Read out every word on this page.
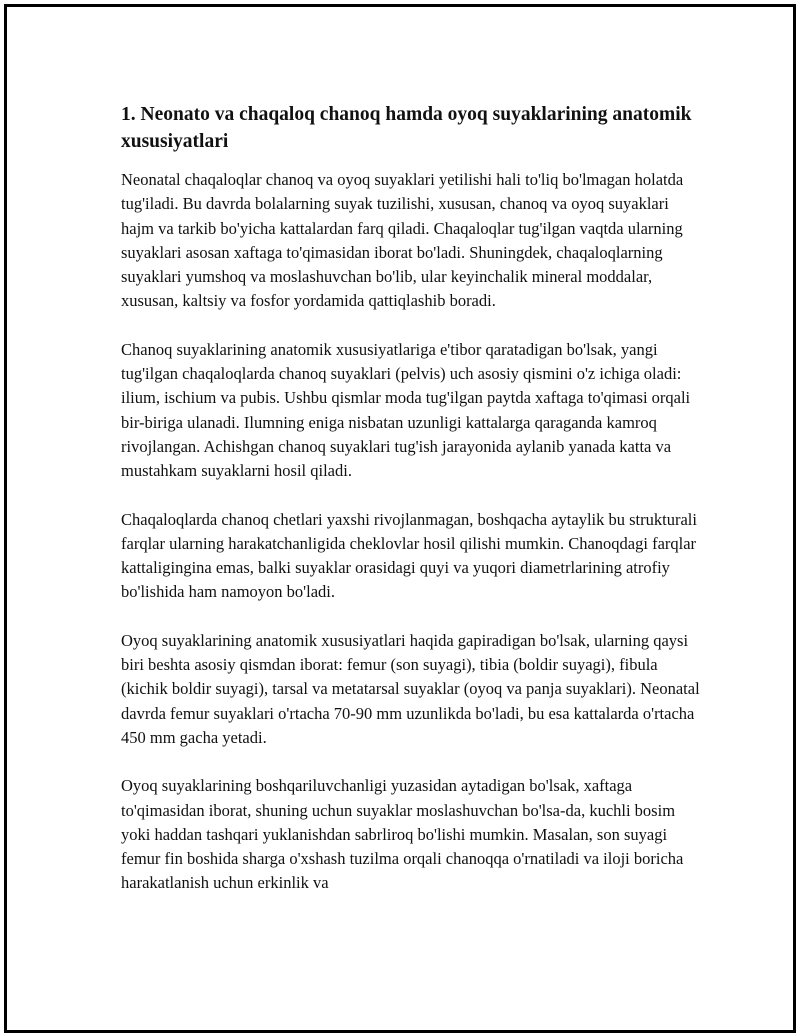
1. Neonato va chaqaloq chanoq hamda oyoq suyaklarining anatomik xususiyatlari

Neonatal chaqaloqlar chanoq va oyoq suyaklari yetilishi hali to'liq bo'lmagan holatda tug'iladi. Bu davrda bolalarning suyak tuzilishi, xususan, chanoq va oyoq suyaklari hajm va tarkib bo'yicha kattalardan farq qiladi. Chaqaloqlar tug'ilgan vaqtda ularning suyaklari asosan xaftaga to'qimasidan iborat bo'ladi. Shuningdek, chaqaloqlarning suyaklari yumshoq va moslashuvchan bo'lib, ular keyinchalik mineral moddalar, xususan, kaltsiy va fosfor yordamida qattiqlashib boradi.

Chanoq suyaklarining anatomik xususiyatlariga e'tibor qaratadigan bo'lsak, yangi tug'ilgan chaqaloqlarda chanoq suyaklari (pelvis) uch asosiy qismini o'z ichiga oladi: ilium, ischium va pubis. Ushbu qismlar moda tug'ilgan paytda xaftaga to'qimasi orqali bir-biriga ulanadi. Ilumning eniga nisbatan uzunligi kattalarga qaraganda kamroq rivojlangan. Achishgan chanoq suyaklari tug'ish jarayonida aylanib yanada katta va mustahkam suyaklarni hosil qiladi.

Chaqaloqlarda chanoq chetlari yaxshi rivojlanmagan, boshqacha aytaylik bu strukturali farqlar ularning harakatchanligida cheklovlar hosil qilishi mumkin. Chanoqdagi farqlar kattaligingina emas, balki suyaklar orasidagi quyi va yuqori diametrlarining atrofiy bo'lishida ham namoyon bo'ladi.

Oyoq suyaklarining anatomik xususiyatlari haqida gapiradigan bo'lsak, ularning qaysi biri beshta asosiy qismdan iborat: femur (son suyagi), tibia (boldir suyagi), fibula (kichik boldir suyagi), tarsal va metatarsal suyaklar (oyoq va panja suyaklari). Neonatal davrda femur suyaklari o'rtacha 70-90 mm uzunlikda bo'ladi, bu esa kattalarda o'rtacha 450 mm gacha yetadi.

Oyoq suyaklarining boshqariluvchanligi yuzasidan aytadigan bo'lsak, xaftaga to'qimasidan iborat, shuning uchun suyaklar moslashuvchan bo'lsa-da, kuchli bosim yoki haddan tashqari yuklanishdan sabrliroq bo'lishi mumkin. Masalan, son suyagi femur fin boshida sharga o'xshash tuzilma orqali chanoqqa o'rnatiladi va iloji boricha harakatlanish uchun erkinlik va
